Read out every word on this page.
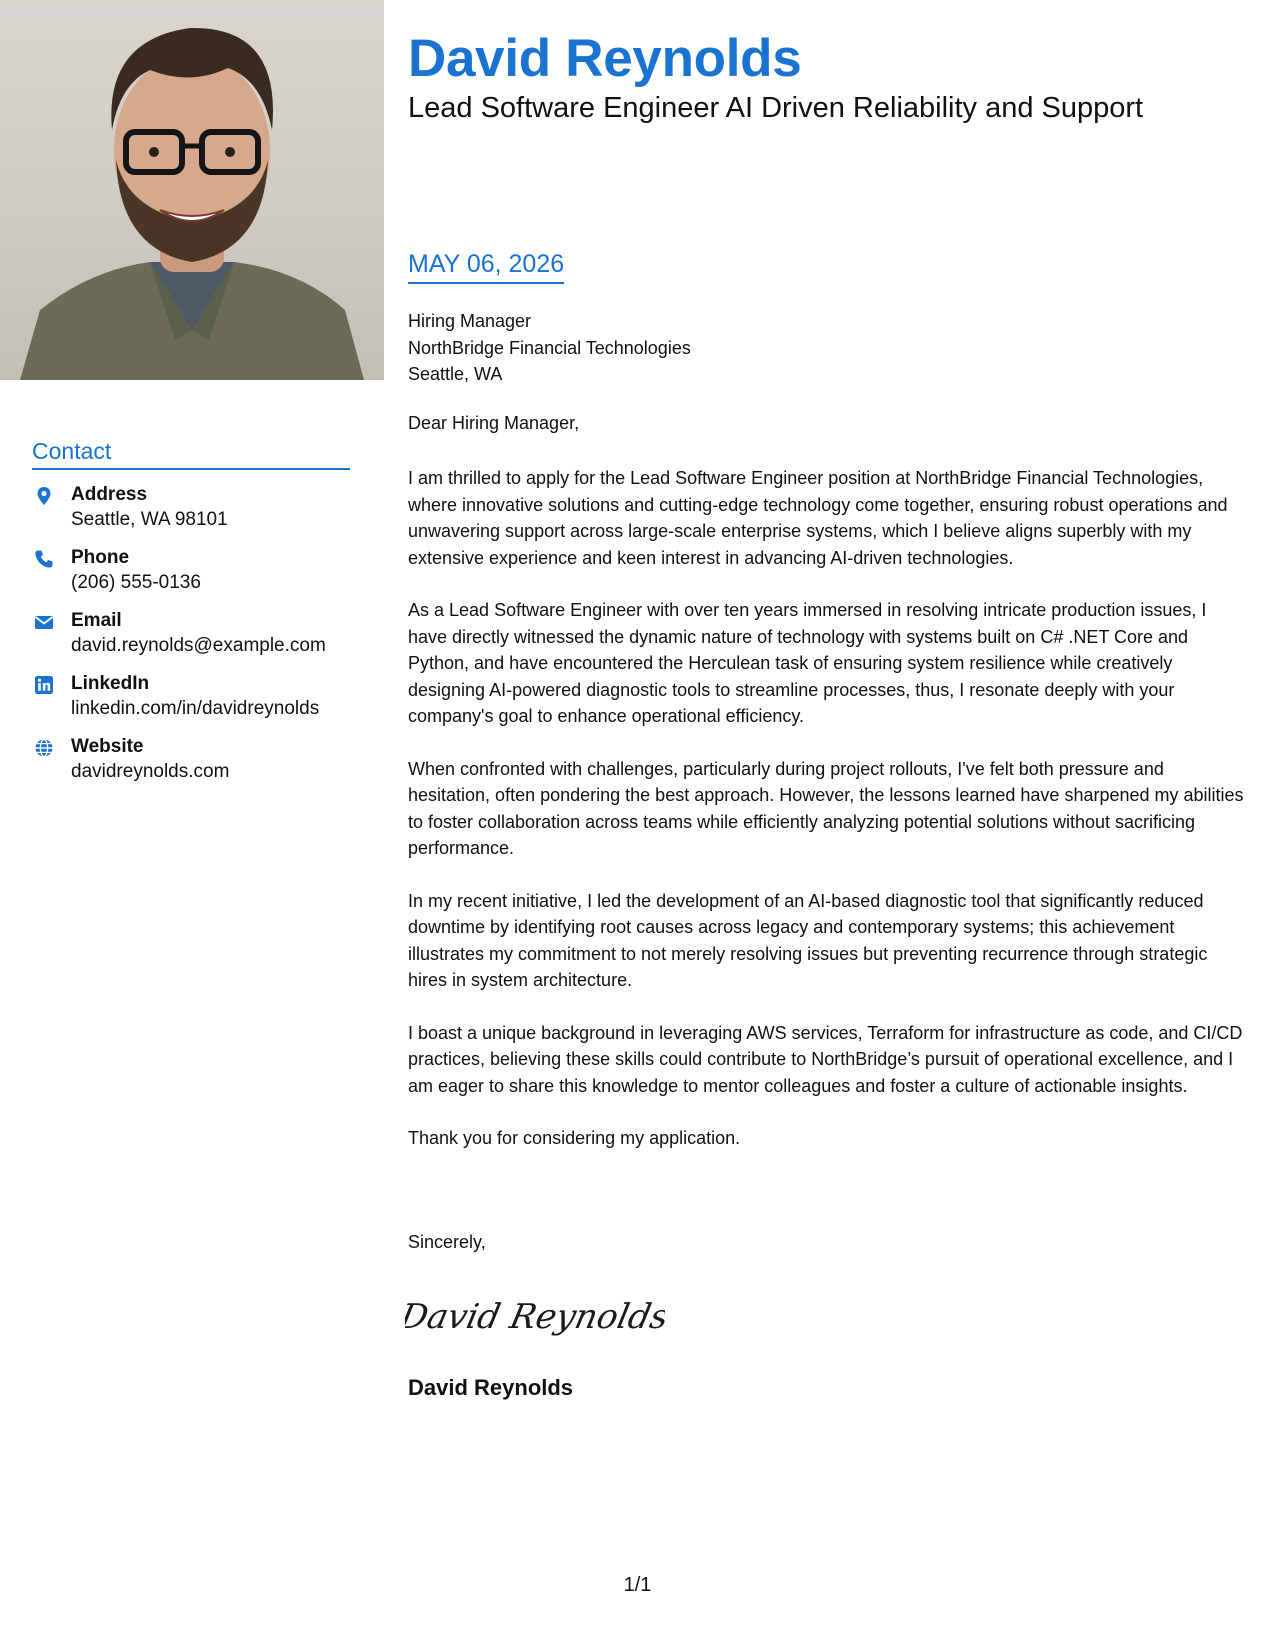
Contact
Address
Seattle, WA 98101
Phone
(206) 555-0136
Email
david.reynolds@example.com
LinkedIn
linkedin.com/in/davidreynolds
Website
davidreynolds.com
David Reynolds
Lead Software Engineer AI Driven Reliability and Support
MAY 06, 2026
Hiring Manager
NorthBridge Financial Technologies
Seattle, WA
Dear Hiring Manager,

I am thrilled to apply for the Lead Software Engineer position at NorthBridge Financial Technologies, where innovative solutions and cutting-edge technology come together, ensuring robust operations and unwavering support across large-scale enterprise systems, which I believe aligns superbly with my extensive experience and keen interest in advancing AI-driven technologies.

As a Lead Software Engineer with over ten years immersed in resolving intricate production issues, I have directly witnessed the dynamic nature of technology with systems built on C# .NET Core and Python, and have encountered the Herculean task of ensuring system resilience while creatively designing AI-powered diagnostic tools to streamline processes, thus, I resonate deeply with your company's goal to enhance operational efficiency.

When confronted with challenges, particularly during project rollouts, I've felt both pressure and hesitation, often pondering the best approach. However, the lessons learned have sharpened my abilities to foster collaboration across teams while efficiently analyzing potential solutions without sacrificing performance.

In my recent initiative, I led the development of an AI-based diagnostic tool that significantly reduced downtime by identifying root causes across legacy and contemporary systems; this achievement illustrates my commitment to not merely resolving issues but preventing recurrence through strategic hires in system architecture.

I boast a unique background in leveraging AWS services, Terraform for infrastructure as code, and CI/CD practices, believing these skills could contribute to NorthBridge’s pursuit of operational excellence, and I am eager to share this knowledge to mentor colleagues and foster a culture of actionable insights.

Thank you for considering my application.

Sincerely,
David Reynolds
David Reynolds
1/1
